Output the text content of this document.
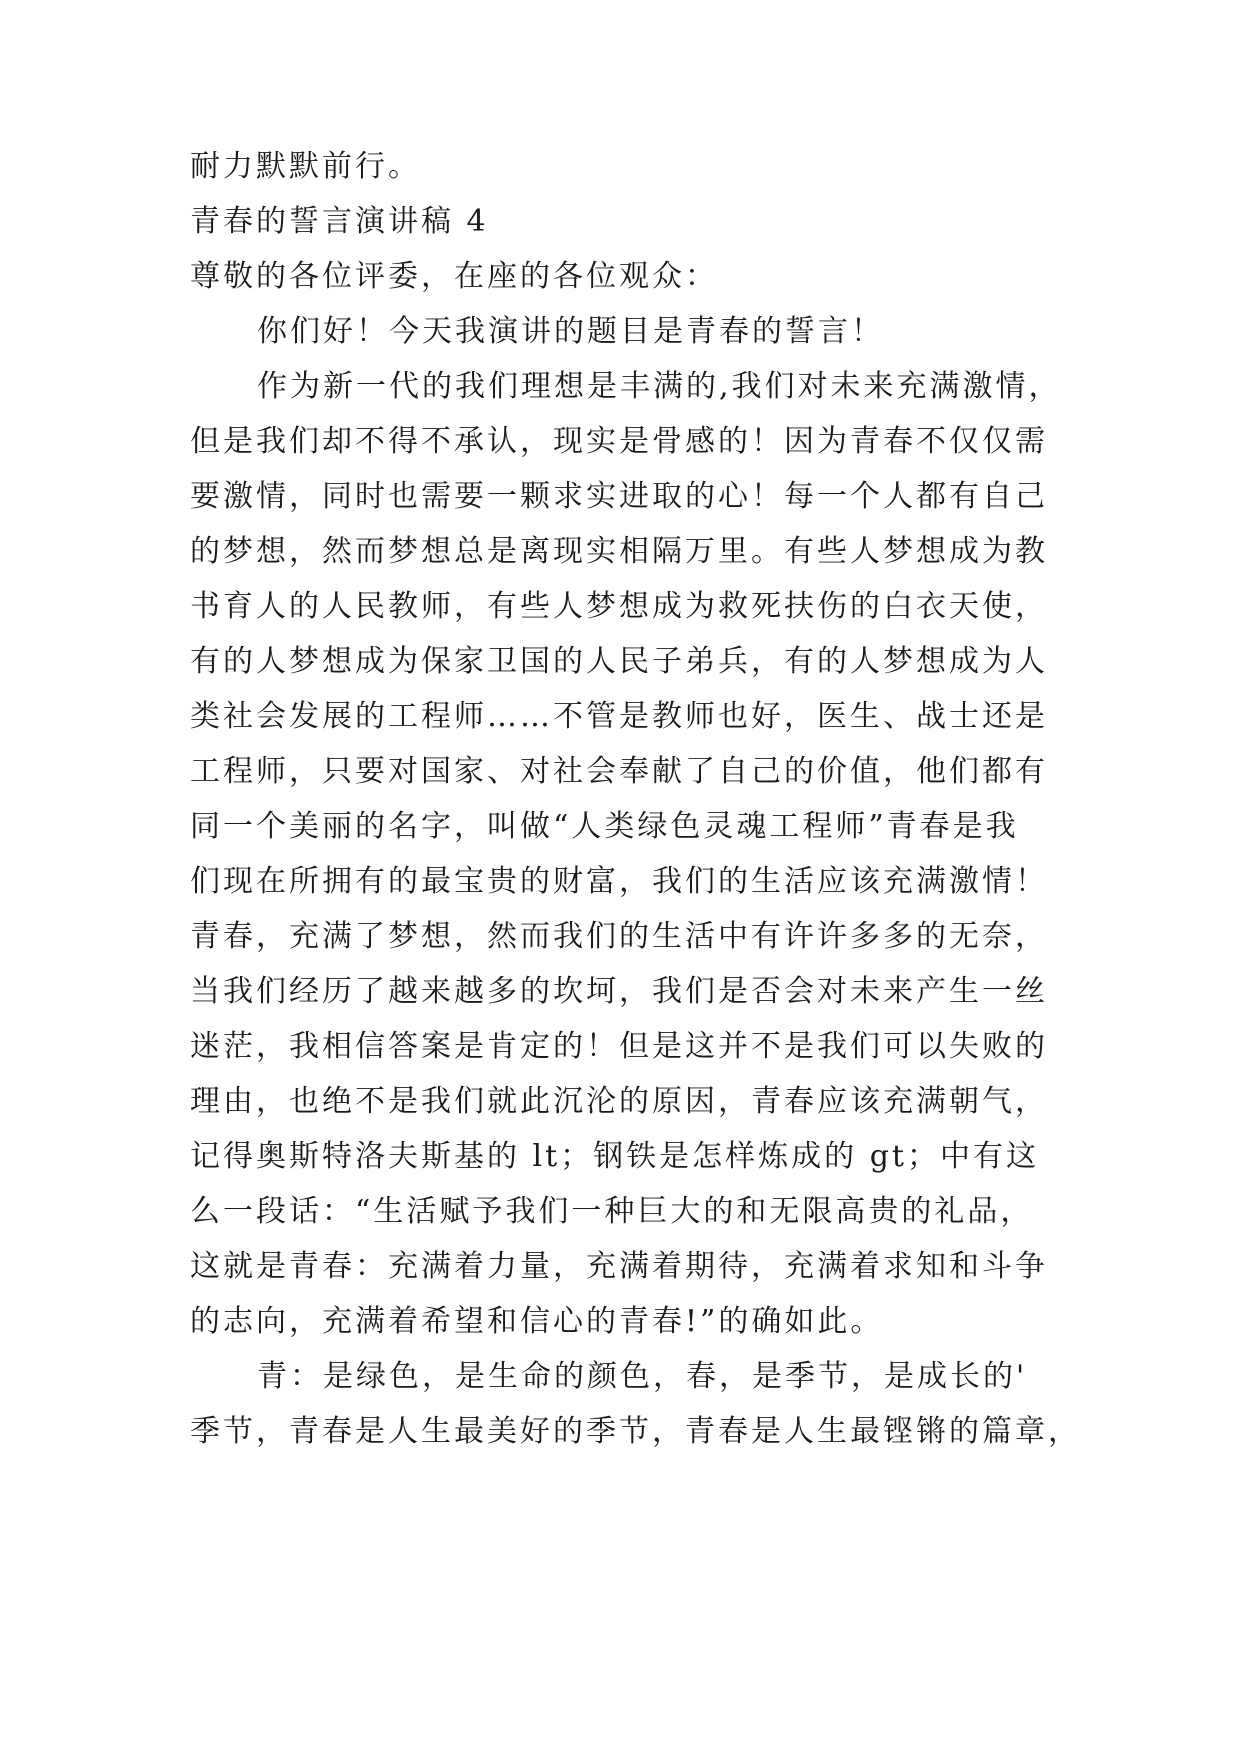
耐力默默前行。
青春的誓言演讲稿 4
尊敬的各位评委，在座的各位观众：
你们好！今天我演讲的题目是青春的誓言！
作为新一代的我们理想是丰满的,我们对未来充满激情，
但是我们却不得不承认，现实是骨感的！因为青春不仅仅需
要激情，同时也需要一颗求实进取的心！每一个人都有自己
的梦想，然而梦想总是离现实相隔万里。有些人梦想成为教
书育人的人民教师，有些人梦想成为救死扶伤的白衣天使，
有的人梦想成为保家卫国的人民子弟兵，有的人梦想成为人
类社会发展的工程师……不管是教师也好，医生、战士还是
工程师，只要对国家、对社会奉献了自己的价值，他们都有
同一个美丽的名字，叫做“人类绿色灵魂工程师”青春是我
们现在所拥有的最宝贵的财富，我们的生活应该充满激情！
青春，充满了梦想，然而我们的生活中有许许多多的无奈，
当我们经历了越来越多的坎坷，我们是否会对未来产生一丝
迷茫，我相信答案是肯定的！但是这并不是我们可以失败的
理由，也绝不是我们就此沉沦的原因，青春应该充满朝气，
记得奥斯特洛夫斯基的 lt；钢铁是怎样炼成的 gt；中有这
么一段话：“生活赋予我们一种巨大的和无限高贵的礼品，
这就是青春：充满着力量，充满着期待，充满着求知和斗争
的志向，充满着希望和信心的青春!”的确如此。
青：是绿色，是生命的颜色，春，是季节，是成长的'
季节，青春是人生最美好的季节，青春是人生最铿锵的篇章，
